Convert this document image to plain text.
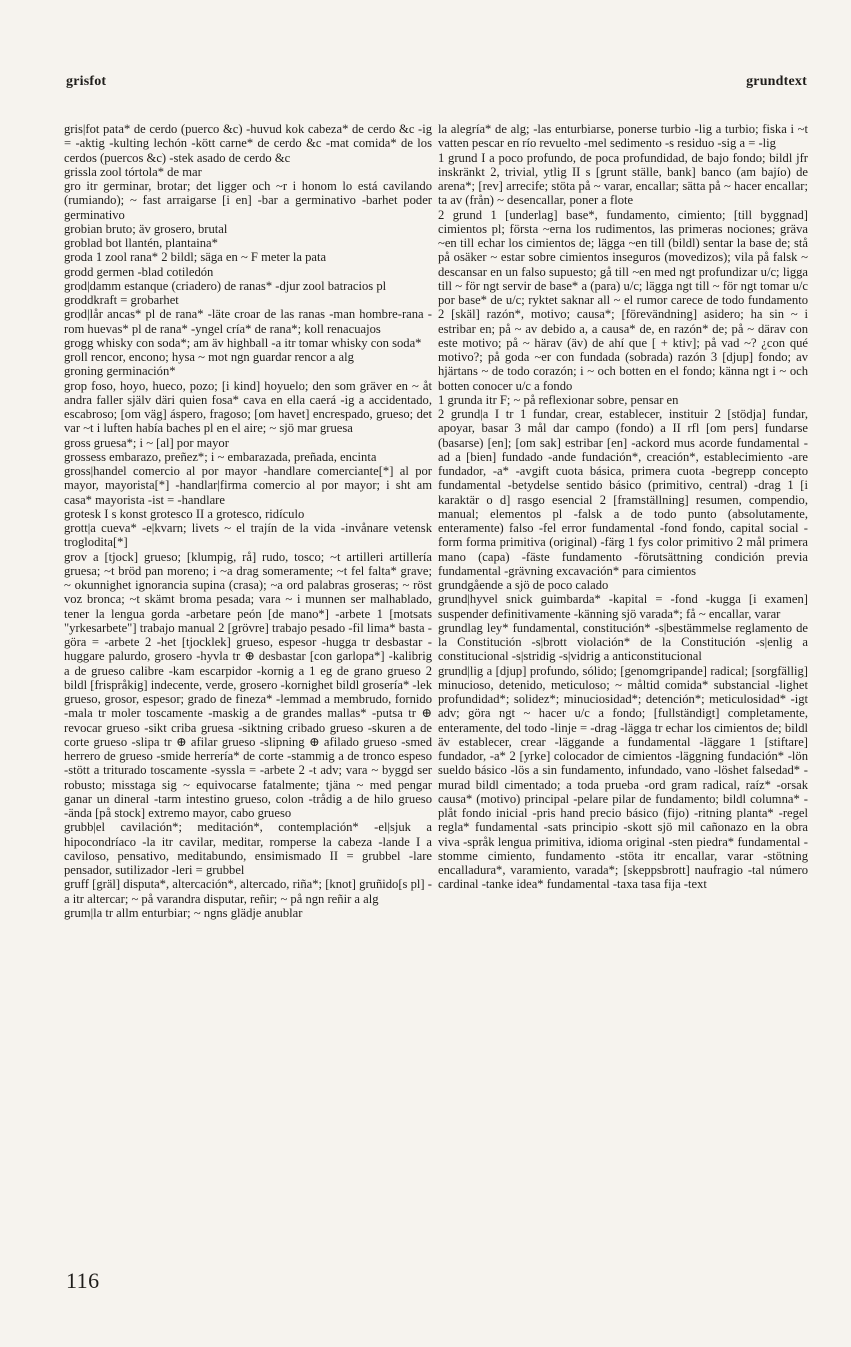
grisfot	grundtext

gris|fot pata* de cerdo (puerco &c) -huvud kok cabeza* de cerdo &c -ig = -aktig -kulting lechón -kött carne* de cerdo &c -mat comida* de los cerdos (puercos &c) -stek asado de cerdo &c

grissla zool tórtola* de mar

gro itr germinar, brotar; det ligger och ~r i honom lo está cavilando (rumiando); ~ fast arraigarse [i en] -bar a germinativo -barhet poder germinativo

grobian bruto; äv grosero, brutal

groblad bot llantén, plantaina*

groda 1 zool rana* 2 bildl; säga en ~ F meter la pata

grodd germen -blad cotiledón

grod|damm estanque (criadero) de ranas* -djur zool batracios pl

groddkraft = grobarhet

grod|lår ancas* pl de rana* -läte croar de las ranas -man hombre-rana -rom huevas* pl de rana* -yngel cría* de rana*; koll renacuajos

grogg whisky con soda*; am äv highball -a itr tomar whisky con soda*

groll rencor, encono; hysa ~ mot ngn guardar rencor a alg

groning germinación*

grop foso, hoyo, hueco, pozo; [i kind] hoyuelo; den som gräver en ~ åt andra faller själv däri quien fosa* cava en ella caerá -ig a accidentado, escabroso; [om väg] áspero, fragoso; [om havet] encrespado, grueso; det var ~t i luften había baches pl en el aire; ~ sjö mar gruesa

gross gruesa*; i ~ [al] por mayor

grossess embarazo, preñez*; i ~ embarazada, preñada, encinta

gross|handel comercio al por mayor -handlare comerciante[*] al por mayor, mayorista[*] -handlar|firma comercio al por mayor; i sht am casa* mayorista -ist = -handlare

grotesk I s konst grotesco II a grotesco, ridículo

grott|a cueva* -e|kvarn; livets ~ el trajín de la vida -invånare vetensk troglodita[*]

grov a [tjock] grueso; [klumpig, rå] rudo, tosco; ~t artilleri artillería gruesa; ~t bröd pan moreno; i ~a drag someramente; ~t fel falta* grave; ~ okunnighet ignorancia supina (crasa); ~a ord palabras groseras; ~ röst voz bronca; ~t skämt broma pesada; vara ~ i munnen ser malhablado, tener la lengua gorda -arbetare peón [de mano*] -arbete 1 [motsats "yrkesarbete"] trabajo manual 2 [grövre] trabajo pesado -fil lima* basta -göra = -arbete 2 -het [tjocklek] grueso, espesor -hugga tr desbastar -huggare palurdo, grosero -hyvla tr ⊕ desbastar [con garlopa*] -kalibrig a de grueso calibre -kam escarpidor -kornig a 1 eg de grano grueso 2 bildl [frispråkig] indecente, verde, grosero -kornighet bildl grosería* -lek grueso, grosor, espesor; grado de finezа* -lemmad a membrudo, fornido -mala tr moler toscamente -maskig a de grandes mallas* -putsa tr ⊕ revocar grueso -sikt criba gruesa -siktning cribado grueso -skuren a de corte grueso -slipa tr ⊕ afilar grueso -slipning ⊕ afilado grueso -smed herrero de grueso -smide herrería* de corte -stammig a de tronco espeso -stött a triturado toscamente -syssla = -arbete 2 -t adv; vara ~ byggd ser robusto; misstaga sig ~ equivocarse fatalmente; tjäna ~ med pengar ganar un dineral -tarm intestino grueso, colon -trådig a de hilo grueso -ända [på stock] extremo mayor, cabo grueso

grubb|el cavilación*; meditación*, contemplación* -el|sjuk a hipocondríaco -la itr cavilar, meditar, romperse la cabeza -lande I a caviloso, pensativo, meditabundo, ensimismado II = grubbel -lare pensador, sutilizador -leri = grubbel

gruff [gräl] disputa*, altercación*, altercado, riña*; [knot] gruñido[s pl] -a itr altercar; ~ på varandra disputar, reñir; ~ på ngn reñir a alg

grum|la tr allm enturbiar; ~ ngns glädje anublar

la alegría* de alg; -las enturbiarse, ponerse turbio -lig a turbio; fiska i ~t vatten pescar en río revuelto -mel sedimento -s residuo -sig a = -lig

1 grund I a poco profundo, de poca profundidad, de bajo fondo; bildl jfr inskränkt 2, trivial, ytlig II s [grunt ställe, bank] banco (am bajío) de arena*; [rev] arrecife; stöta på ~ varar, encallar; sätta på ~ hacer encallar; ta av (från) ~ desencallar, poner a flote

2 grund 1 [underlag] base*, fundamento, cimiento; [till byggnad] cimientos pl; första ~erna los rudimentos, las primeras nociones; gräva ~en till echar los cimientos de; lägga ~en till (bildl) sentar la base de; stå på osäker ~ estar sobre cimientos inseguros (movedizos); vila på falsk ~ descansar en un falso supuesto; gå till ~en med ngt profundizar u/c; ligga till ~ för ngt servir de base* a (para) u/c; lägga ngt till ~ för ngt tomar u/c por base* de u/c; ryktet saknar all ~ el rumor carece de todo fundamento 2 [skäl] razón*, motivo; causa*; [förevändning] asidero; ha sin ~ i estribar en; på ~ av debido a, a causa* de, en razón* de; på ~ därav con este motivo; på ~ härav (äv) de ahí que [ + ktiv]; på vad ~? ¿con qué motivo?; på goda ~er con fundada (sobrada) razón 3 [djup] fondo; av hjärtans ~ de todo corazón; i ~ och botten en el fondo; känna ngt i ~ och botten conocer u/c a fondo

1 grunda itr F; ~ på reflexionar sobre, pensar en

2 grund|a I tr 1 fundar, crear, establecer, instituir 2 [stödja] fundar, apoyar, basar 3 mål dar campo (fondo) a II rfl [om pers] fundarse (basarse) [en]; [om sak] estribar [en] -ackord mus acorde fundamental -ad a [bien] fundado -ande fundación*, creación*, establecimiento -are fundador, -a* -avgift cuota básica, primera cuota -begrepp concepto fundamental -betydelse sentido básico (primitivo, central) -drag 1 [i karaktär o d] rasgo esencial 2 [framställning] resumen, compendio, manual; elementos pl -falsk a de todo punto (absolutamente, enteramente) falso -fel error fundamental -fond fondo, capital social -form forma primitiva (original) -färg 1 fys color primitivo 2 mål primera mano (capa) -fäste fundamento -förutsättning condición previa fundamental -grävning excavación* para cimientos

grundgående a sjö de poco calado

grund|hyvel snick guimbarda* -kapital = -fond -kugga [i examen] suspender definitivamente -känning sjö varada*; få ~ encallar, varar

grundlag ley* fundamental, constitución* -s|bestämmelse reglamento de la Constitución -s|brott violación* de la Constitución -s|enlig a constitucional -s|stridig -s|vidrig a anticonstitucional

grund|lig a [djup] profundo, sólido; [genomgripande] radical; [sorgfällig] minucioso, detenido, meticuloso; ~ måltid comida* substancial -lighet profundidad*; solidez*; minuciosidad*; detención*; meticulosidad* -igt adv; göra ngt ~ hacer u/c a fondo; [fullständigt] completamente, enteramente, del todo -linje = -drag -lägga tr echar los cimientos de; bildl äv establecer, crear -läggande a fundamental -läggare 1 [stiftare] fundador, -a* 2 [yrke] colocador de cimientos -läggning fundación* -lön sueldo básico -lös a sin fundamento, infundado, vano -löshet falsedad* -murad bildl cimentado; a toda prueba -ord gram radical, raíz* -orsak causa* (motivo) principal -pelare pilar de fundamento; bildl columna* -plåt fondo inicial -pris hand precio básico (fijo) -ritning planta* -regel regla* fundamental -sats principio -skott sjö mil cañonazo en la obra viva -språk lengua primitiva, idioma original -sten piedra* fundamental -stomme cimiento, fundamento -stöta itr encallar, varar -stötning encalladura*, varamiento, varada*; [skeppsbrott] naufragio -tal número cardinal -tanke idea* fundamental -taxa tasa fija -text

116
